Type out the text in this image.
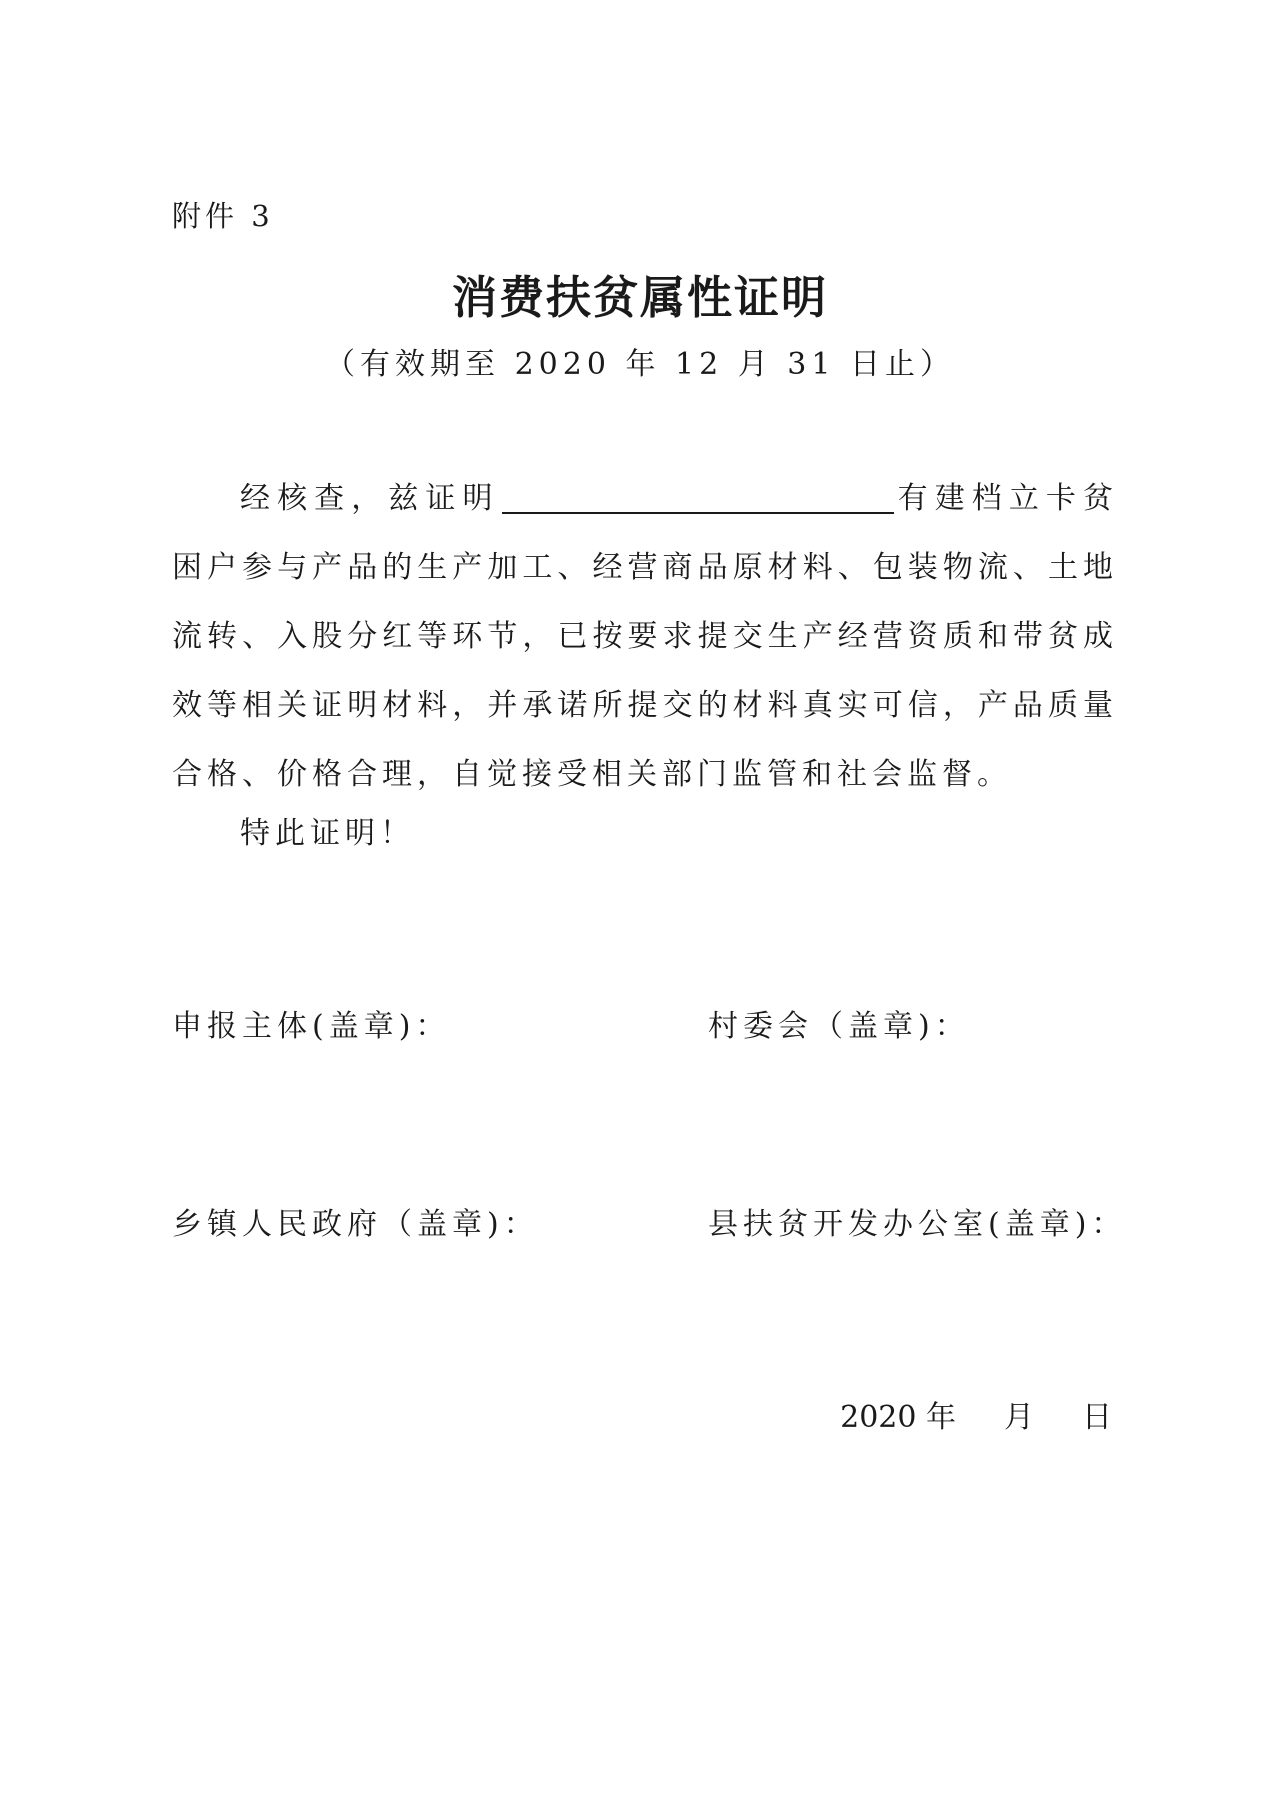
附件 3
消费扶贫属性证明
（有效期至 2020 年 12 月 31 日止）
经核查，兹证明	有建档立卡贫困户参与产品的生产加工、经营商品原材料、包装物流、土地流转、入股分红等环节，已按要求提交生产经营资质和带贫成效等相关证明材料，并承诺所提交的材料真实可信，产品质量合格、价格合理，自觉接受相关部门监管和社会监督。
特此证明！
申报主体(盖章)：	村委会（盖章)：
乡镇人民政府（盖章)：	县扶贫开发办公室(盖章)：
2020 年 月 日
